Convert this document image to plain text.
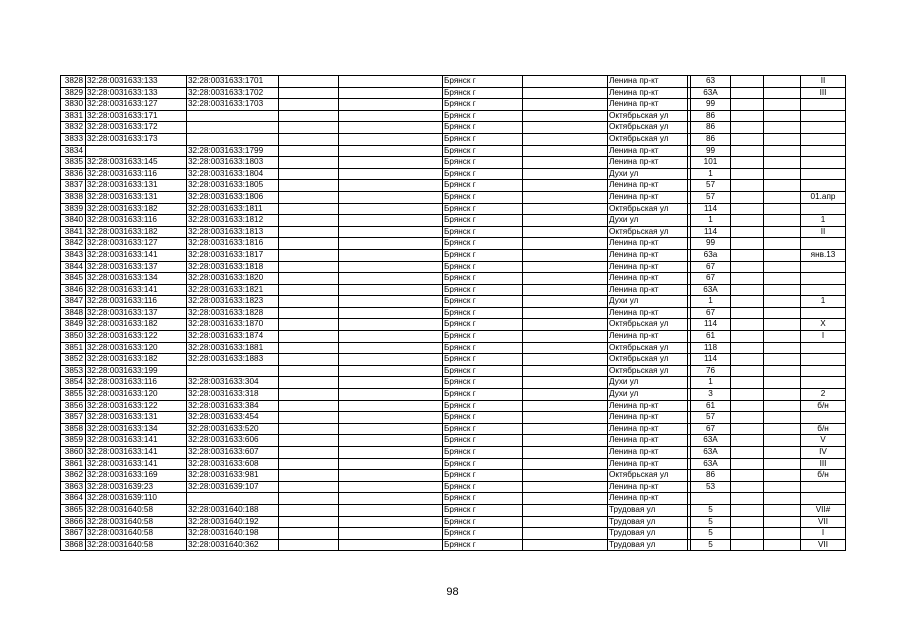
3828	32:28:0031633:133	32:28:0031633:1701			Брянск г		Ленина пр-кт		63			II
3829	32:28:0031633:133	32:28:0031633:1702			Брянск г		Ленина пр-кт		63А			III
3830	32:28:0031633:127	32:28:0031633:1703			Брянск г		Ленина пр-кт		99			
3831	32:28:0031633:171				Брянск г		Октябрьская ул		86			
3832	32:28:0031633:172				Брянск г		Октябрьская ул		86			
3833	32:28:0031633:173				Брянск г		Октябрьская ул		86			
3834		32:28:0031633:1799			Брянск г		Ленина пр-кт		99			
3835	32:28:0031633:145	32:28:0031633:1803			Брянск г		Ленина пр-кт		101			
3836	32:28:0031633:116	32:28:0031633:1804			Брянск г		Духи ул		1			
3837	32:28:0031633:131	32:28:0031633:1805			Брянск г		Ленина пр-кт		57			
3838	32:28:0031633:131	32:28:0031633:1806			Брянск г		Ленина пр-кт		57			01.апр
3839	32:28:0031633:182	32:28:0031633:1811			Брянск г		Октябрьская ул		114			
3840	32:28:0031633:116	32:28:0031633:1812			Брянск г		Духи ул		1			1
3841	32:28:0031633:182	32:28:0031633:1813			Брянск г		Октябрьская ул		114			II
3842	32:28:0031633:127	32:28:0031633:1816			Брянск г		Ленина пр-кт		99			
3843	32:28:0031633:141	32:28:0031633:1817			Брянск г		Ленина пр-кт		63а			янв.13
3844	32:28:0031633:137	32:28:0031633:1818			Брянск г		Ленина пр-кт		67			
3845	32:28:0031633:134	32:28:0031633:1820			Брянск г		Ленина пр-кт		67			
3846	32:28:0031633:141	32:28:0031633:1821			Брянск г		Ленина пр-кт		63А			
3847	32:28:0031633:116	32:28:0031633:1823			Брянск г		Духи ул		1			1
3848	32:28:0031633:137	32:28:0031633:1828			Брянск г		Ленина пр-кт		67			
3849	32:28:0031633:182	32:28:0031633:1870			Брянск г		Октябрьская ул		114			X
3850	32:28:0031633:122	32:28:0031633:1874			Брянск г		Ленина пр-кт		61			I
3851	32:28:0031633:120	32:28:0031633:1881			Брянск г		Октябрьская ул		118			
3852	32:28:0031633:182	32:28:0031633:1883			Брянск г		Октябрьская ул		114			
3853	32:28:0031633:199				Брянск г		Октябрьская ул		76			
3854	32:28:0031633:116	32:28:0031633:304			Брянск г		Духи ул		1			
3855	32:28:0031633:120	32:28:0031633:318			Брянск г		Духи ул		3			2
3856	32:28:0031633:122	32:28:0031633:384			Брянск г		Ленина пр-кт		61			б/н
3857	32:28:0031633:131	32:28:0031633:454			Брянск г		Ленина пр-кт		57			
3858	32:28:0031633:134	32:28:0031633:520			Брянск г		Ленина пр-кт		67			б/н
3859	32:28:0031633:141	32:28:0031633:606			Брянск г		Ленина пр-кт		63А			V
3860	32:28:0031633:141	32:28:0031633:607			Брянск г		Ленина пр-кт		63А			IV
3861	32:28:0031633:141	32:28:0031633:608			Брянск г		Ленина пр-кт		63А			III
3862	32:28:0031633:169	32:28:0031633:981			Брянск г		Октябрьская ул		86			б/н
3863	32:28:0031639:23	32:28:0031639:107			Брянск г		Ленина пр-кт		53			
3864	32:28:0031639:110				Брянск г		Ленина пр-кт					
3865	32:28:0031640:58	32:28:0031640:188			Брянск г		Трудовая ул		5			VII#
3866	32:28:0031640:58	32:28:0031640:192			Брянск г		Трудовая ул		5			VII
3867	32:28:0031640:58	32:28:0031640:198			Брянск г		Трудовая ул		5			I
3868	32:28:0031640:58	32:28:0031640:362			Брянск г		Трудовая ул		5			VII
98
